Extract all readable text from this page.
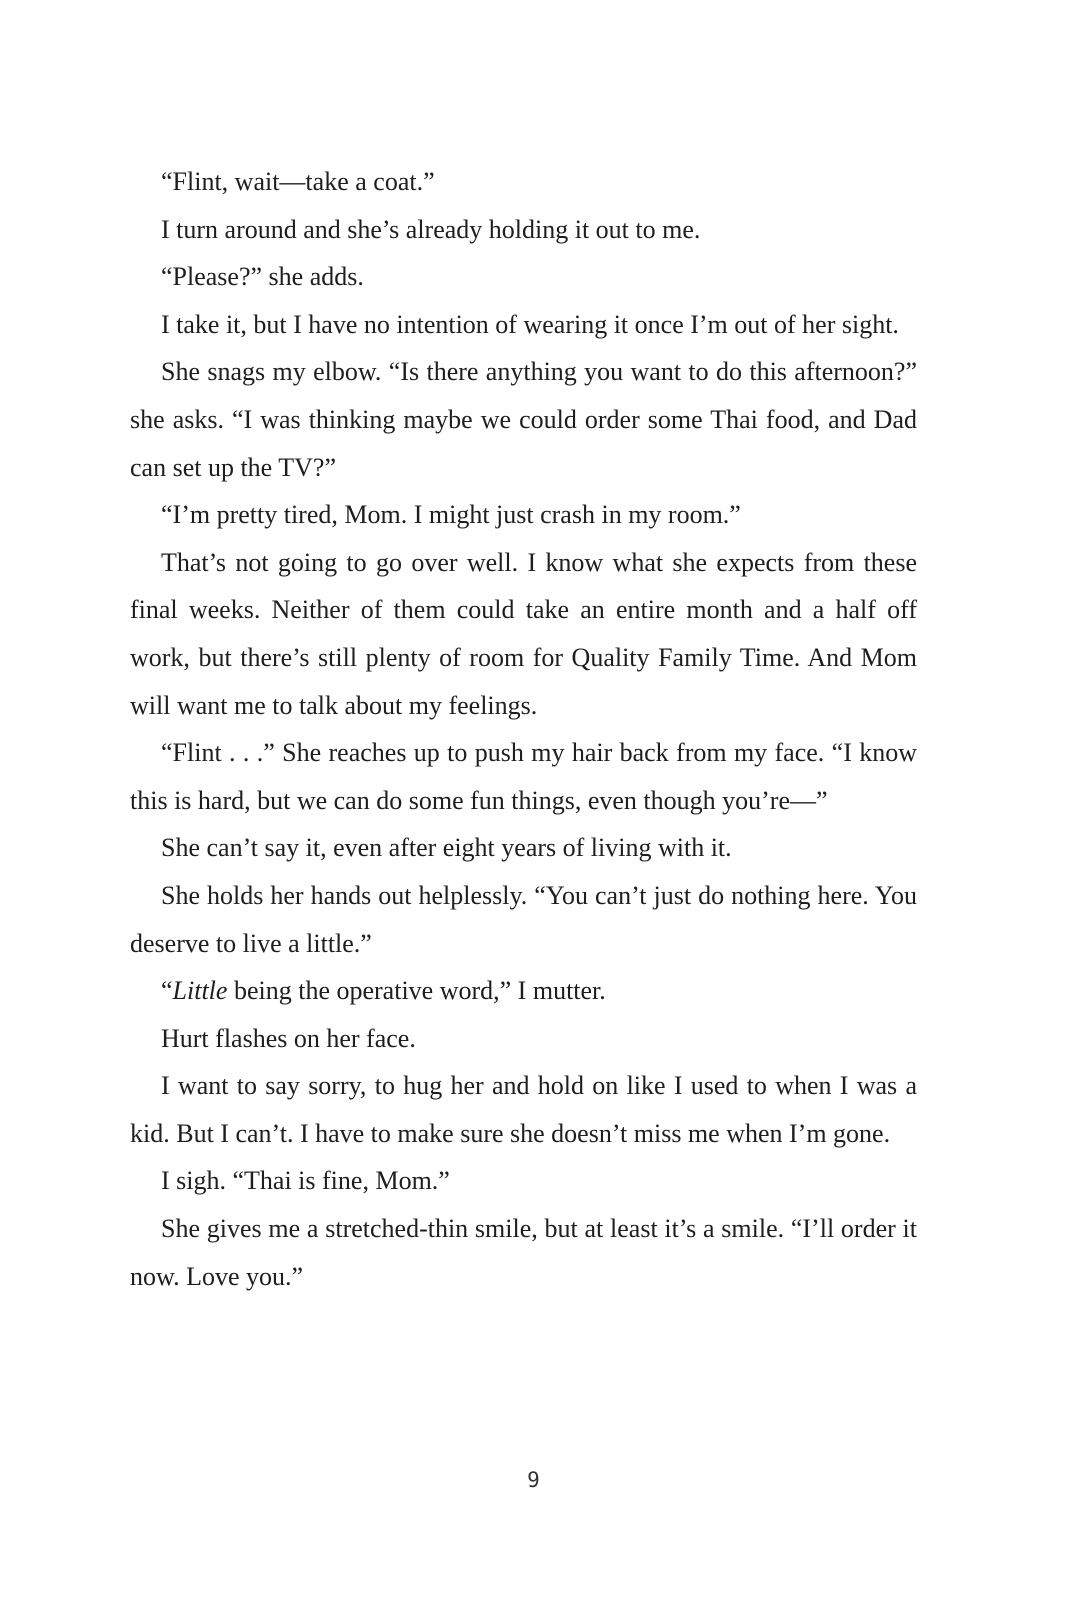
“Flint, wait—take a coat.”

I turn around and she’s already holding it out to me.

“Please?” she adds.

I take it, but I have no intention of wearing it once I’m out of her sight.

She snags my elbow. “Is there anything you want to do this afternoon?” she asks. “I was thinking maybe we could order some Thai food, and Dad can set up the TV?”

“I’m pretty tired, Mom. I might just crash in my room.”

That’s not going to go over well. I know what she expects from these final weeks. Neither of them could take an entire month and a half off work, but there’s still plenty of room for Quality Family Time. And Mom will want me to talk about my feelings.

“Flint . . .” She reaches up to push my hair back from my face. “I know this is hard, but we can do some fun things, even though you’re—”

She can’t say it, even after eight years of living with it.

She holds her hands out helplessly. “You can’t just do nothing here. You deserve to live a little.”

“Little being the operative word,” I mutter.

Hurt flashes on her face.

I want to say sorry, to hug her and hold on like I used to when I was a kid. But I can’t. I have to make sure she doesn’t miss me when I’m gone.

I sigh. “Thai is fine, Mom.”

She gives me a stretched-thin smile, but at least it’s a smile. “I’ll order it now. Love you.”

9
